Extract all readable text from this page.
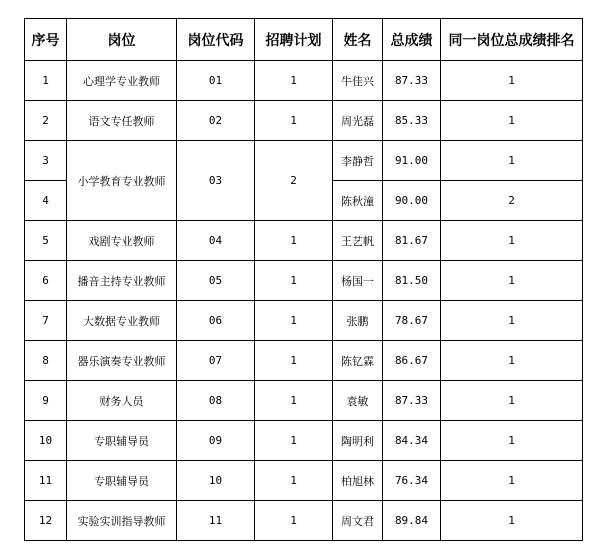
序号	岗位	岗位代码	招聘计划	姓名	总成绩	同一岗位总成绩排名
1	心理学专业教师	01	1	牛佳兴	87.33	1
2	语文专任教师	02	1	周光磊	85.33	1
3	小学教育专业教师	03	2	李静哲	91.00	1
4				陈秋潼	90.00	2
5	戏剧专业教师	04	1	王艺帆	81.67	1
6	播音主持专业教师	05	1	杨国一	81.50	1
7	大数据专业教师	06	1	张鹏	78.67	1
8	器乐演奏专业教师	07	1	陈钇霖	86.67	1
9	财务人员	08	1	袁敏	87.33	1
10	专职辅导员	09	1	陶明利	84.34	1
11	专职辅导员	10	1	柏旭林	76.34	1
12	实验实训指导教师	11	1	周文君	89.84	1
